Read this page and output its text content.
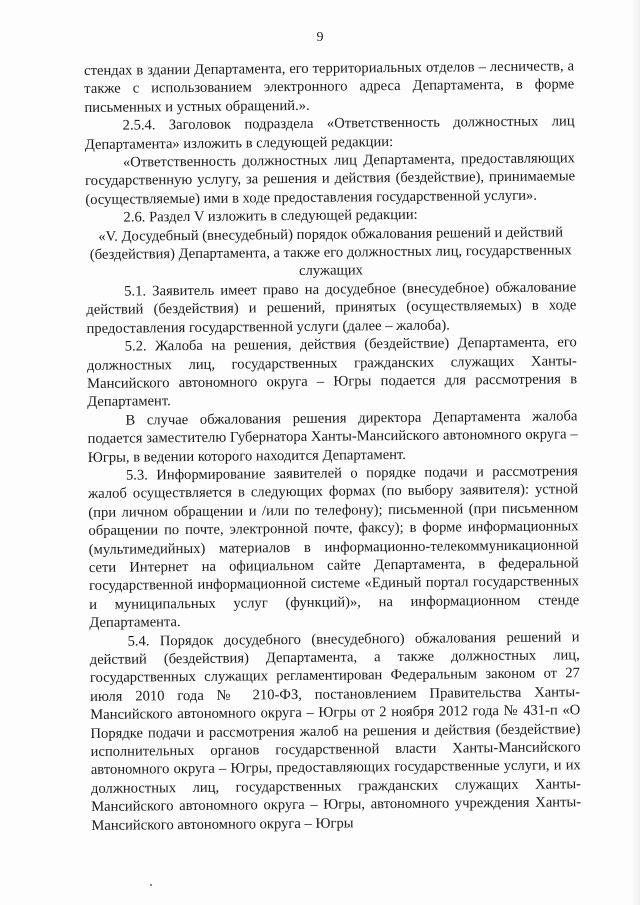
9

стендах в здании Департамента, его территориальных отделов – лесничеств, а также с использованием электронного адреса Департамента, в форме письменных и устных обращений.».

2.5.4. Заголовок подраздела «Ответственность должностных лиц Департамента» изложить в следующей редакции:

«Ответственность должностных лиц Департамента, предоставляющих государственную услугу, за решения и действия (бездействие), принимаемые (осуществляемые) ими в ходе предоставления государственной услуги».

2.6. Раздел V изложить в следующей редакции:

«V. Досудебный (внесудебный) порядок обжалования решений и действий (бездействия) Департамента, а также его должностных лиц, государственных служащих

5.1. Заявитель имеет право на досудебное (внесудебное) обжалование действий (бездействия) и решений, принятых (осуществляемых) в ходе предоставления государственной услуги (далее – жалоба).

5.2. Жалоба на решения, действия (бездействие) Департамента, его должностных лиц, государственных гражданских служащих Ханты-Мансийского автономного округа – Югры подается для рассмотрения в Департамент.

В случае обжалования решения директора Департамента жалоба подается заместителю Губернатора Ханты-Мансийского автономного округа – Югры, в ведении которого находится Департамент.

5.3. Информирование заявителей о порядке подачи и рассмотрения жалоб осуществляется в следующих формах (по выбору заявителя): устной (при личном обращении и /или по телефону); письменной (при письменном обращении по почте, электронной почте, факсу); в форме информационных (мультимедийных) материалов в информационно-телекоммуникационной сети Интернет на официальном сайте Департамента, в федеральной государственной информационной системе «Единый портал государственных и муниципальных услуг (функций)», на информационном стенде Департамента.

5.4. Порядок досудебного (внесудебного) обжалования решений и действий (бездействия) Департамента, а также должностных лиц, государственных служащих регламентирован Федеральным законом от 27 июля 2010 года № 210-ФЗ, постановлением Правительства Ханты-Мансийского автономного округа – Югры от 2 ноября 2012 года № 431-п «О Порядке подачи и рассмотрения жалоб на решения и действия (бездействие) исполнительных органов государственной власти Ханты-Мансийского автономного округа – Югры, предоставляющих государственные услуги, и их должностных лиц, государственных гражданских служащих Ханты-Мансийского автономного округа – Югры, автономного учреждения Ханты-Мансийского автономного округа – Югры
